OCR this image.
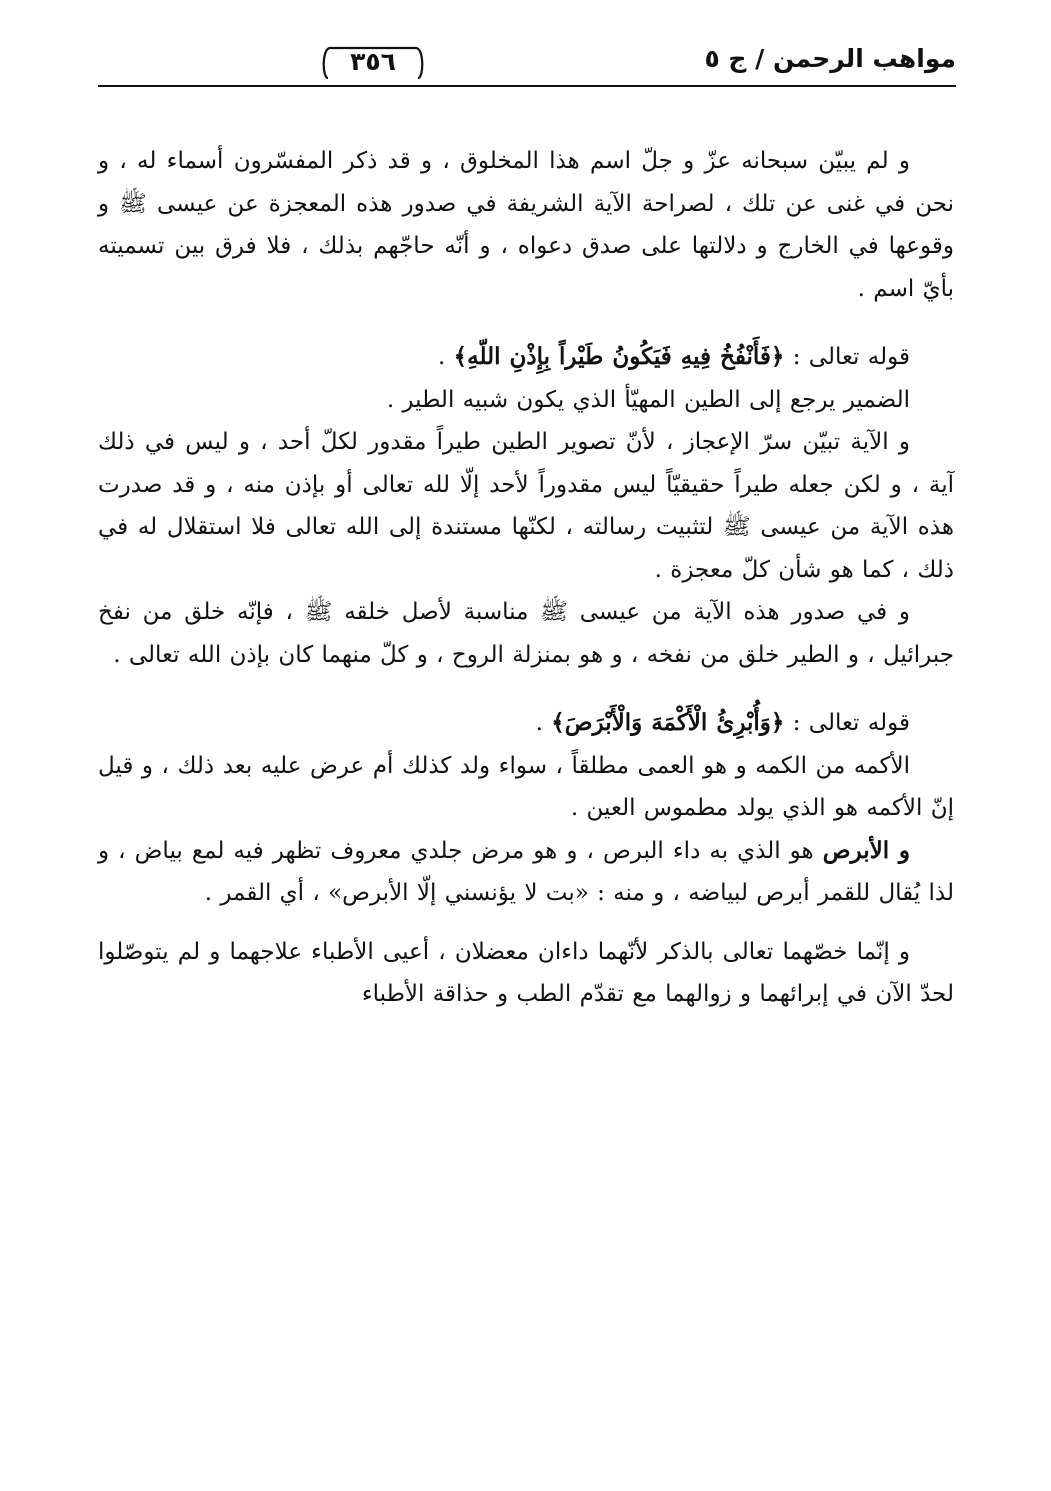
مواهب الرحمن / ج ٥
٣٥٦

و لم يبيّن سبحانه عزّ و جلّ اسم هذا المخلوق ، و قد ذكر المفسّرون أسماء له ، و نحن في غنى عن تلك ، لصراحة الآية الشريفة في صدور هذه المعجزة عن عيسى ﷺ و وقوعها في الخارج و دلالتها على صدق دعواه ، و أنّه حاجّهم بذلك ، فلا فرق بين تسميته بأيّ اسم .

قوله تعالى : ﴿فَأَنْفُخُ فِيهِ فَيَكُونُ طَيْراً بِإِذْنِ اللّهِ﴾ .

الضمير يرجع إلى الطين المهيّأ الذي يكون شبيه الطير .

و الآية تبيّن سرّ الإعجاز ، لأنّ تصوير الطين طيراً مقدور لكلّ أحد ، و ليس في ذلك آية ، و لكن جعله طيراً حقيقيّاً ليس مقدوراً لأحد إلّا لله تعالى أو بإذن منه ، و قد صدرت هذه الآية من عيسى ﷺ لتثبيت رسالته ، لكنّها مستندة إلى الله تعالى فلا استقلال له في ذلك ، كما هو شأن كلّ معجزة .

و في صدور هذه الآية من عيسى ﷺ مناسبة لأصل خلقه ﷺ ، فإنّه خلق من نفخ جبرائيل ، و الطير خلق من نفخه ، و هو بمنزلة الروح ، و كلّ منهما كان بإذن الله تعالى .

قوله تعالى : ﴿وَأُبْرِئُ الْأَكْمَهَ وَالْأَبْرَصَ﴾ .

الأكمه من الكمه و هو العمى مطلقاً ، سواء ولد كذلك أم عرض عليه بعد ذلك ، و قيل إنّ الأكمه هو الذي يولد مطموس العين .

و الأبرص هو الذي به داء البرص ، و هو مرض جلدي معروف تظهر فيه لمع بياض ، و لذا يُقال للقمر أبرص لبياضه ، و منه : «بت لا يؤنسني إلّا الأبرص» ، أي القمر .

و إنّما خصّهما تعالى بالذكر لأنّهما داءان معضلان ، أعيى الأطباء علاجهما و لم يتوصّلوا لحدّ الآن في إبرائهما و زوالهما مع تقدّم الطب و حذاقة الأطباء
